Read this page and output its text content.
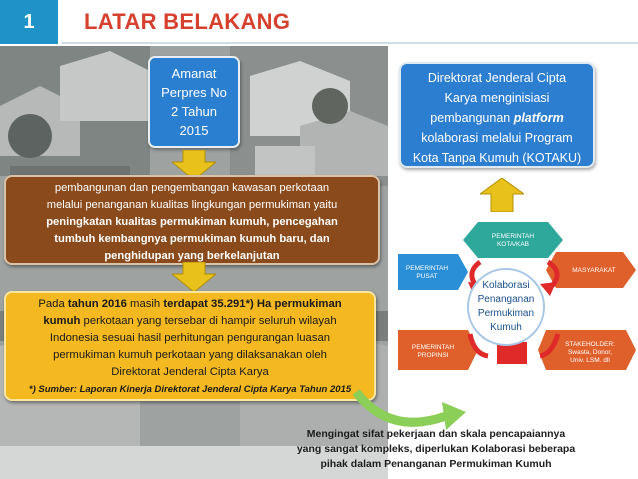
1 LATAR BELAKANG
Amanat
Perpres No
2 Tahun
2015
pembangunan dan pengembangan kawasan perkotaan
melalui penanganan kualitas lingkungan permukiman yaitu
peningkatan kualitas permukiman kumuh, pencegahan
tumbuh kembangnya permukiman kumuh baru, dan
penghidupan yang berkelanjutan
Pada tahun 2016 masih terdapat 35.291*) Ha permukiman
kumuh perkotaan yang tersebar di hampir seluruh wilayah
Indonesia sesuai hasil perhitungan pengurangan luasan
permukiman kumuh perkotaan yang dilaksanakan oleh
Direktorat Jenderal Cipta Karya
*) Sumber: Laporan Kinerja Direktorat Jenderal Cipta Karya Tahun 2015
Direktorat Jenderal Cipta
Karya menginisiasi
pembangunan platform
kolaborasi melalui Program
Kota Tanpa Kumuh (KOTAKU)
PEMERINTAH
KOTA/KAB
PEMERINTAH
PUSAT
MASYARAKAT
PEMERINTAH
PROPINSI
STAKEHOLDER:
Swasta, Donor,
Univ. LSM. dll
Kolaborasi
Penanganan
Permukiman
Kumuh
Mengingat sifat pekerjaan dan skala pencapaiannya
yang sangat kompleks, diperlukan Kolaborasi beberapa
pihak dalam Penanganan Permukiman Kumuh
